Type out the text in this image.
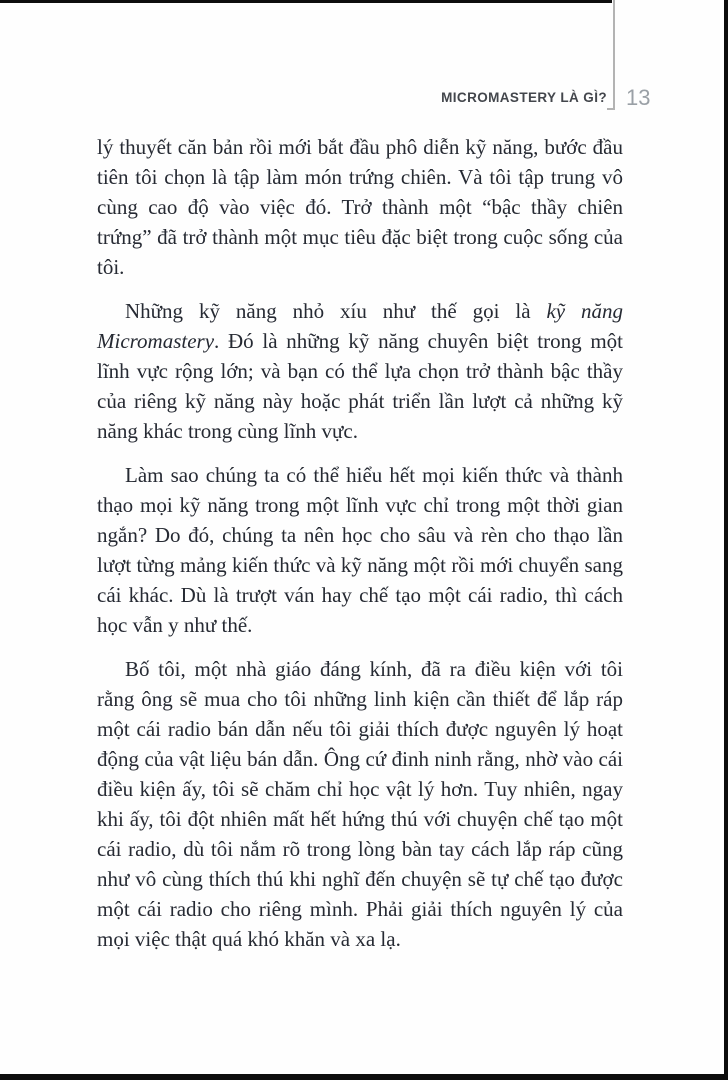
MICROMASTERY LÀ GÌ? 13

lý thuyết căn bản rồi mới bắt đầu phô diễn kỹ năng, bước đầu tiên tôi chọn là tập làm món trứng chiên. Và tôi tập trung vô cùng cao độ vào việc đó. Trở thành một “bậc thầy chiên trứng” đã trở thành một mục tiêu đặc biệt trong cuộc sống của tôi.

Những kỹ năng nhỏ xíu như thế gọi là kỹ năng Micromastery. Đó là những kỹ năng chuyên biệt trong một lĩnh vực rộng lớn; và bạn có thể lựa chọn trở thành bậc thầy của riêng kỹ năng này hoặc phát triển lần lượt cả những kỹ năng khác trong cùng lĩnh vực.

Làm sao chúng ta có thể hiểu hết mọi kiến thức và thành thạo mọi kỹ năng trong một lĩnh vực chỉ trong một thời gian ngắn? Do đó, chúng ta nên học cho sâu và rèn cho thạo lần lượt từng mảng kiến thức và kỹ năng một rồi mới chuyển sang cái khác. Dù là trượt ván hay chế tạo một cái radio, thì cách học vẫn y như thế.

Bố tôi, một nhà giáo đáng kính, đã ra điều kiện với tôi rằng ông sẽ mua cho tôi những linh kiện cần thiết để lắp ráp một cái radio bán dẫn nếu tôi giải thích được nguyên lý hoạt động của vật liệu bán dẫn. Ông cứ đinh ninh rằng, nhờ vào cái điều kiện ấy, tôi sẽ chăm chỉ học vật lý hơn. Tuy nhiên, ngay khi ấy, tôi đột nhiên mất hết hứng thú với chuyện chế tạo một cái radio, dù tôi nắm rõ trong lòng bàn tay cách lắp ráp cũng như vô cùng thích thú khi nghĩ đến chuyện sẽ tự chế tạo được một cái radio cho riêng mình. Phải giải thích nguyên lý của mọi việc thật quá khó khăn và xa lạ.
